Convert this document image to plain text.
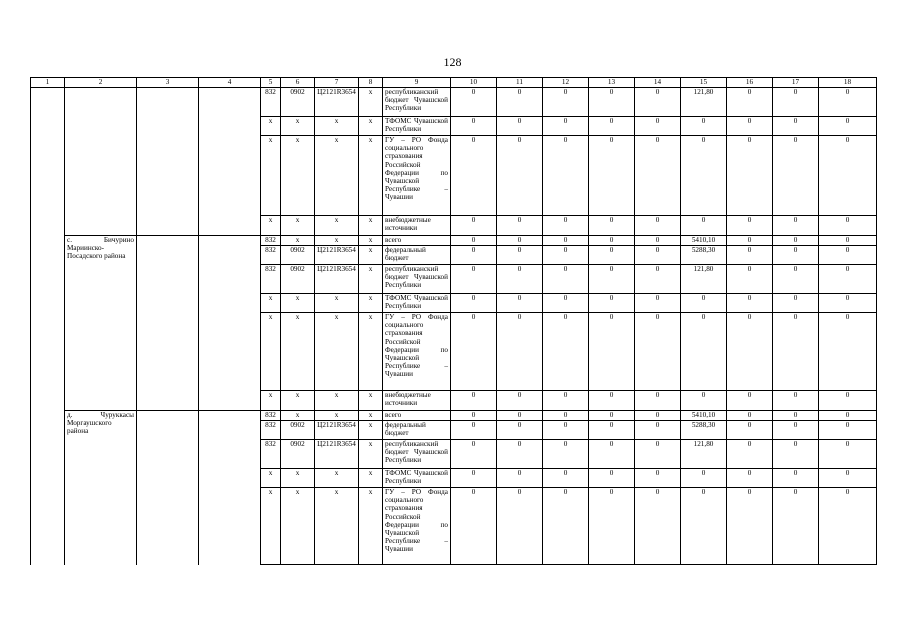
128
1	2	3	4	5	6	7	8	9	10	11	12	13	14	15	16	17	18
				832	0902	Ц2121R3654	x	республиканский бюджет Чувашской Республики	0	0	0	0	0	121,80	0	0	0
				x	x	x	x	ТФОМС Чувашской Республики	0	0	0	0	0	0	0	0	0
				x	x	x	x	ГУ – РО Фонда социального страхования Российской Федерации по Чувашской Республике – Чувашии	0	0	0	0	0	0	0	0	0
				x	x	x	x	внебюджетные источники	0	0	0	0	0	0	0	0	0
	с. Бичурино Мариинско-Посадского района			832	x	x	x	всего	0	0	0	0	0	5410,10	0	0	0
				832	0902	Ц2121R3654	x	федеральный бюджет	0	0	0	0	0	5288,30	0	0	0
				832	0902	Ц2121R3654	x	республиканский бюджет Чувашской Республики	0	0	0	0	0	121,80	0	0	0
				x	x	x	x	ТФОМС Чувашской Республики	0	0	0	0	0	0	0	0	0
				x	x	x	x	ГУ – РО Фонда социального страхования Российской Федерации по Чувашской Республике – Чувашии	0	0	0	0	0	0	0	0	0
				x	x	x	x	внебюджетные источники	0	0	0	0	0	0	0	0	0
	д. Чуруккасы Моргаушского района			832	x	x	x	всего	0	0	0	0	0	5410,10	0	0	0
				832	0902	Ц2121R3654	x	федеральный бюджет	0	0	0	0	0	5288,30	0	0	0
				832	0902	Ц2121R3654	x	республиканский бюджет Чувашской Республики	0	0	0	0	0	121,80	0	0	0
				x	x	x	x	ТФОМС Чувашской Республики	0	0	0	0	0	0	0	0	0
				x	x	x	x	ГУ – РО Фонда социального страхования Российской Федерации по Чувашской Республике – Чувашии	0	0	0	0	0	0	0	0	0
